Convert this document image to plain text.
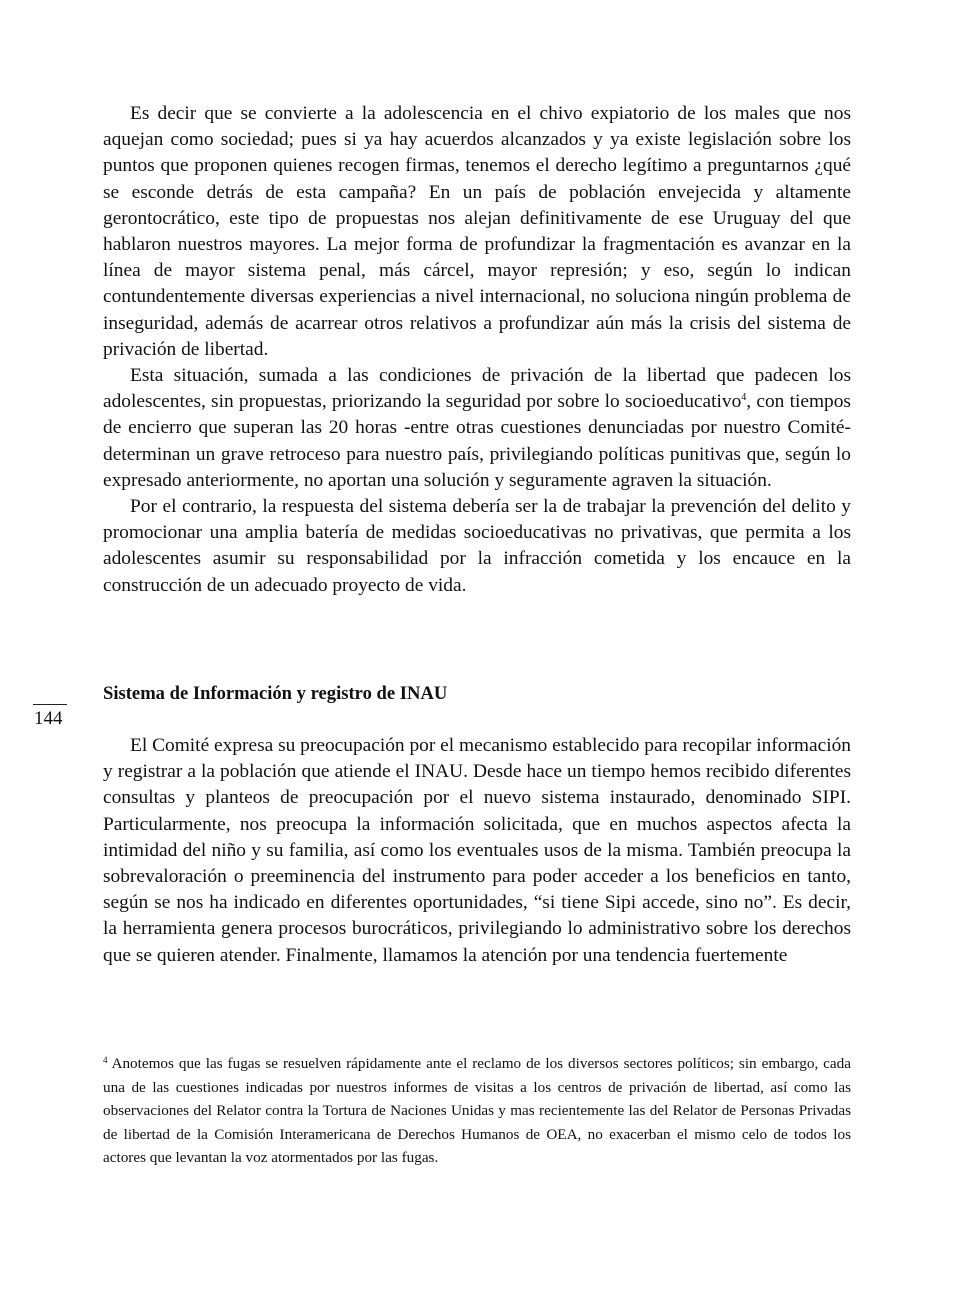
Es decir que se convierte a la adolescencia en el chivo expiatorio de los males que nos aquejan como sociedad; pues si ya hay acuerdos alcanzados y ya existe legislación sobre los puntos que proponen quienes recogen firmas, tenemos el derecho legítimo a preguntarnos ¿qué se esconde detrás de esta campaña? En un país de población envejecida y altamente gerontocrático, este tipo de propuestas nos alejan definitivamente de ese Uruguay del que hablaron nuestros mayores. La mejor forma de profundizar la fragmentación es avanzar en la línea de mayor sistema penal, más cárcel, mayor represión; y eso, según lo indican contundentemente diversas experiencias a nivel internacional, no soluciona ningún problema de inseguridad, además de acarrear otros relativos a profundizar aún más la crisis del sistema de privación de libertad.

Esta situación, sumada a las condiciones de privación de la libertad que padecen los adolescentes, sin propuestas, priorizando la seguridad por sobre lo socioeducativo$^4$, con tiempos de encierro que superan las 20 horas -entre otras cuestiones denunciadas por nuestro Comité- determinan un grave retroceso para nuestro país, privilegiando políticas punitivas que, según lo expresado anteriormente, no aportan una solución y seguramente agraven la situación.

Por el contrario, la respuesta del sistema debería ser la de trabajar la prevención del delito y promocionar una amplia batería de medidas socioeducativas no privativas, que permita a los adolescentes asumir su responsabilidad por la infracción cometida y los encauce en la construcción de un adecuado proyecto de vida.

Sistema de Información y registro de INAU
144

El Comité expresa su preocupación por el mecanismo establecido para recopilar información y registrar a la población que atiende el INAU. Desde hace un tiempo hemos recibido diferentes consultas y planteos de preocupación por el nuevo sistema instaurado, denominado SIPI. Particularmente, nos preocupa la información solicitada, que en muchos aspectos afecta la intimidad del niño y su familia, así como los eventuales usos de la misma. También preocupa la sobrevaloración o preeminencia del instrumento para poder acceder a los beneficios en tanto, según se nos ha indicado en diferentes oportunidades, “si tiene Sipi accede, sino no”. Es decir, la herramienta genera procesos burocráticos, privilegiando lo administrativo sobre los derechos que se quieren atender. Finalmente, llamamos la atención por una tendencia fuertemente

$^4$ Anotemos que las fugas se resuelven rápidamente ante el reclamo de los diversos sectores políticos; sin embargo, cada una de las cuestiones indicadas por nuestros informes de visitas a los centros de privación de libertad, así como las observaciones del Relator contra la Tortura de Naciones Unidas y mas recientemente las del Relator de Personas Privadas de libertad de la Comisión Interamericana de Derechos Humanos de OEA, no exacerban el mismo celo de todos los actores que levantan la voz atormentados por las fugas.
